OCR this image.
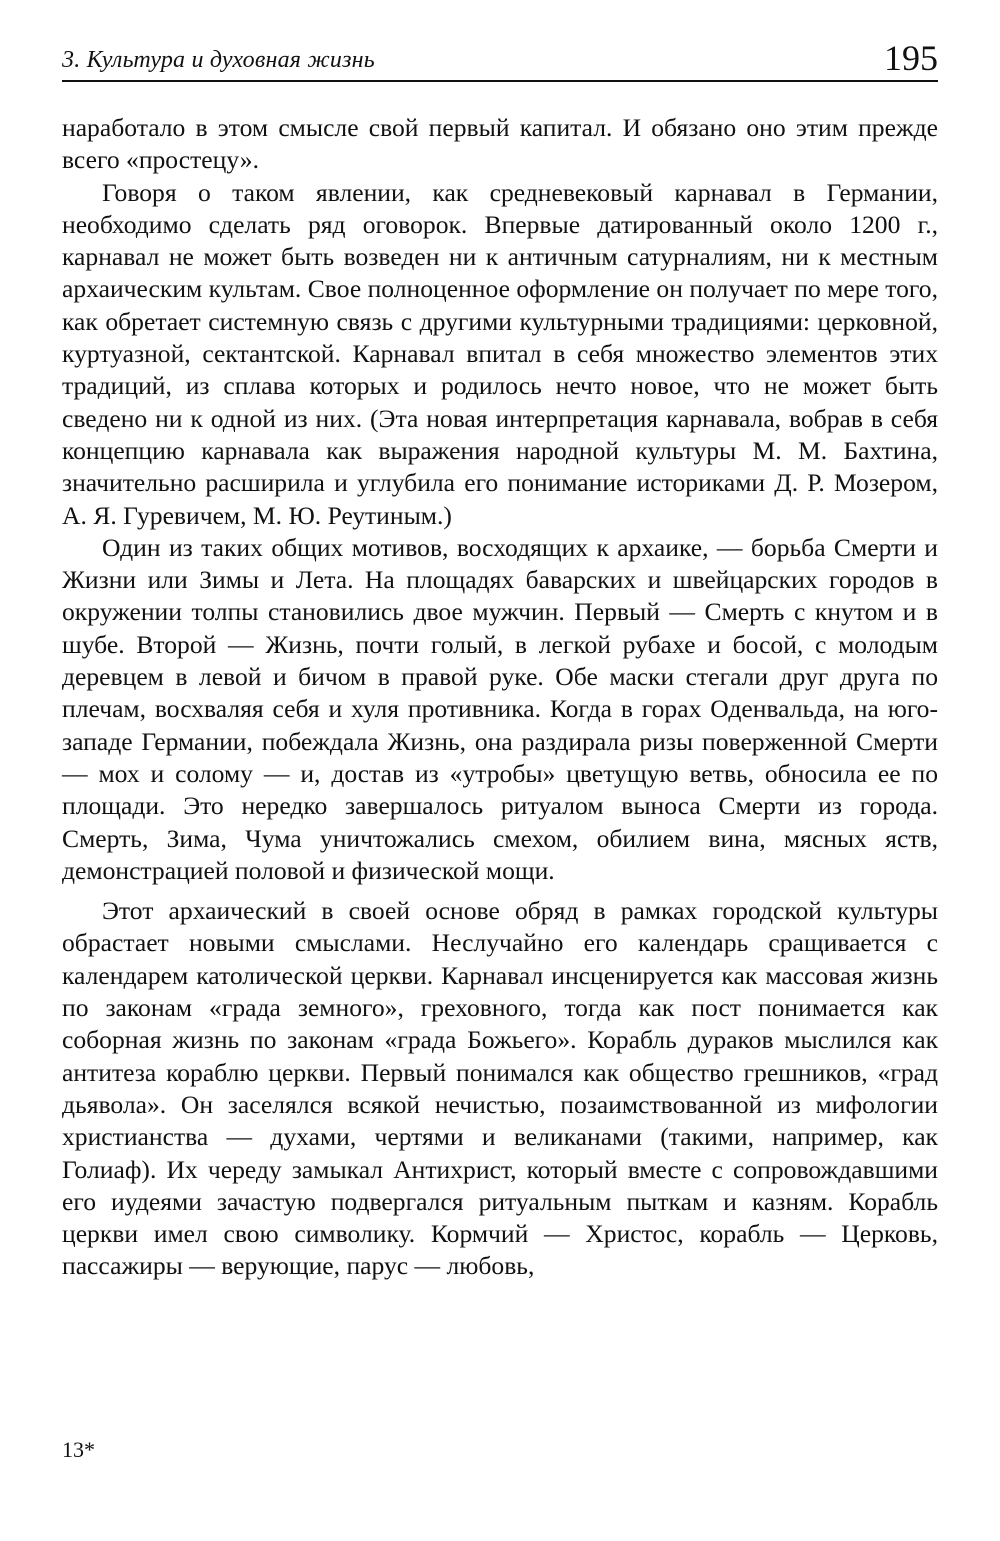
3. Культура и духовная жизнь	195

наработало в этом смысле свой первый капитал. И обязано оно этим прежде всего «простецу».

Говоря о таком явлении, как средневековый карнавал в Германии, необходимо сделать ряд оговорок. Впервые датированный около 1200 г., карнавал не может быть возведен ни к античным сатурналиям, ни к местным архаическим культам. Свое полноценное оформление он получает по мере того, как обретает системную связь с другими культурными традициями: церковной, куртуазной, сектантской. Карнавал впитал в себя множество элементов этих традиций, из сплава которых и родилось нечто новое, что не может быть сведено ни к одной из них. (Эта новая интерпретация карнавала, вобрав в себя концепцию карнавала как выражения народной культуры М. М. Бахтина, значительно расширила и углубила его понимание историками Д. Р. Мозером, А. Я. Гуревичем, М. Ю. Реутиным.)

Один из таких общих мотивов, восходящих к архаике, — борьба Смерти и Жизни или Зимы и Лета. На площадях баварских и швейцарских городов в окружении толпы становились двое мужчин. Первый — Смерть с кнутом и в шубе. Второй — Жизнь, почти голый, в легкой рубахе и босой, с молодым деревцем в левой и бичом в правой руке. Обе маски стегали друг друга по плечам, восхваляя себя и хуля противника. Когда в горах Оденвальда, на юго-западе Германии, побеждала Жизнь, она раздирала ризы поверженной Смерти — мох и солому — и, достав из «утробы» цветущую ветвь, обносила ее по площади. Это нередко завершалось ритуалом выноса Смерти из города. Смерть, Зима, Чума уничтожались смехом, обилием вина, мясных яств, демонстрацией половой и физической мощи.

Этот архаический в своей основе обряд в рамках городской культуры обрастает новыми смыслами. Неслучайно его календарь сращивается с календарем католической церкви. Карнавал инсценируется как массовая жизнь по законам «града земного», греховного, тогда как пост понимается как соборная жизнь по законам «града Божьего». Корабль дураков мыслился как антитеза кораблю церкви. Первый понимался как общество грешников, «град дьявола». Он заселялся всякой нечистью, позаимствованной из мифологии христианства — духами, чертями и великанами (такими, например, как Голиаф). Их череду замыкал Антихрист, который вместе с сопровождавшими его иудеями зачастую подвергался ритуальным пыткам и казням. Корабль церкви имел свою символику. Кормчий — Христос, корабль — Церковь, пассажиры — верующие, парус — любовь,

13*
